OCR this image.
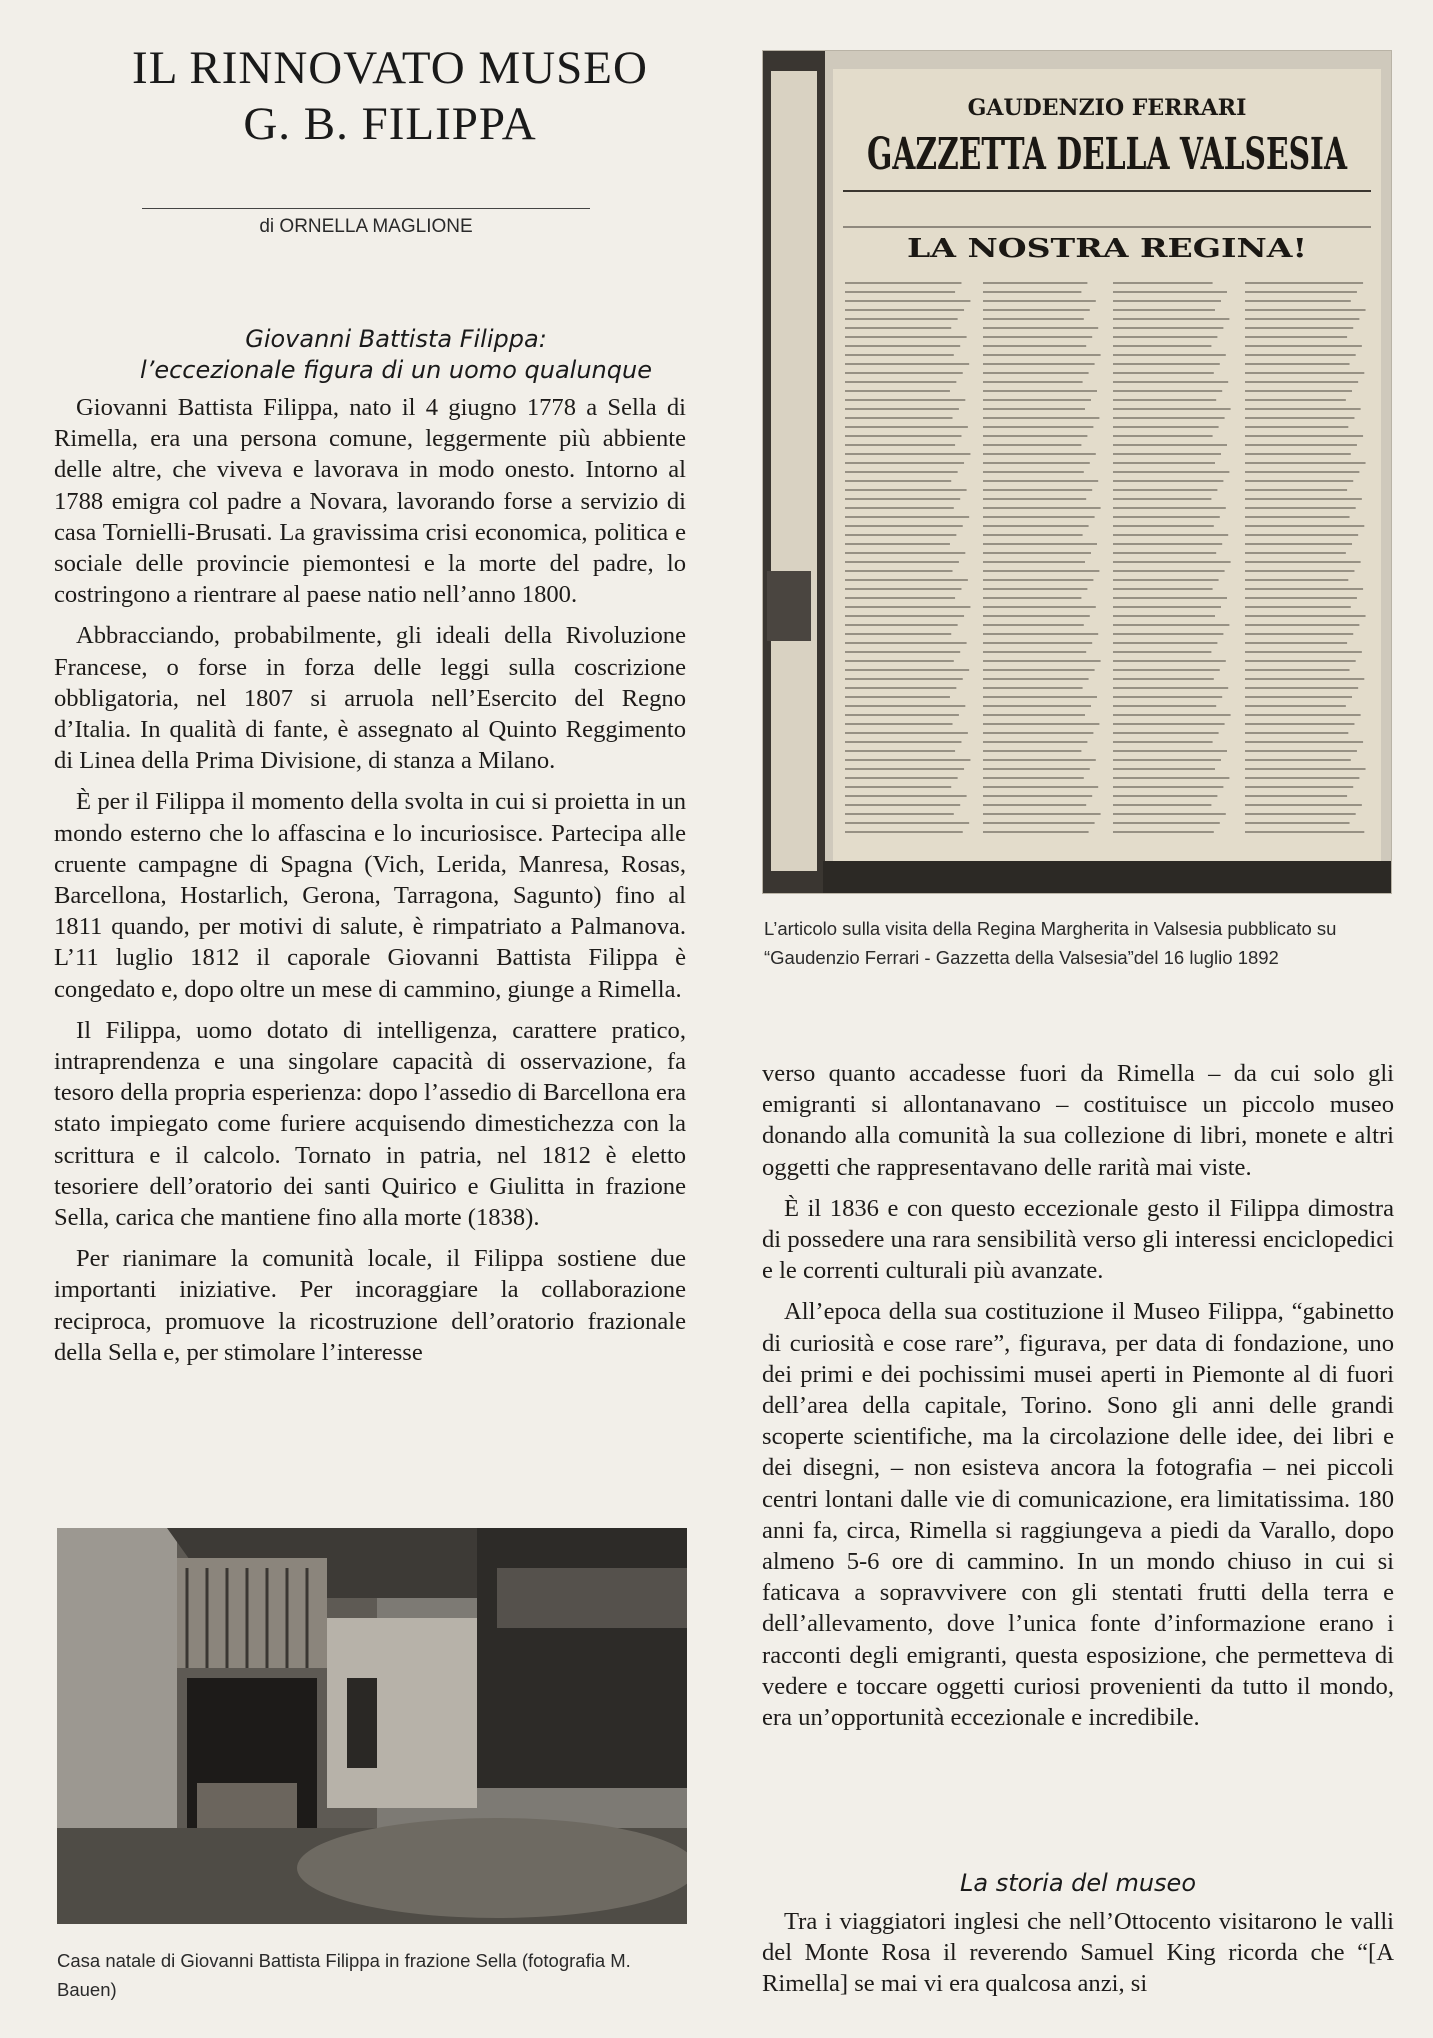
IL RINNOVATO MUSEO
G. B. FILIPPA
di ORNELLA MAGLIONE
Giovanni Battista Filippa:
l’eccezionale figura di un uomo qualunque

Giovanni Battista Filippa, nato il 4 giugno 1778 a Sella di Rimella, era una persona comune, leggermente più abbiente delle altre, che viveva e lavorava in modo onesto. Intorno al 1788 emigra col padre a Novara, lavorando forse a servizio di casa Tornielli-Brusati. La gravissima crisi economica, politica e sociale delle provincie piemontesi e la morte del padre, lo costringono a rientrare al paese natio nell’anno 1800.

Abbracciando, probabilmente, gli ideali della Rivoluzione Francese, o forse in forza delle leggi sulla coscrizione obbligatoria, nel 1807 si arruola nell’Esercito del Regno d’Italia. In qualità di fante, è assegnato al Quinto Reggimento di Linea della Prima Divisione, di stanza a Milano.

È per il Filippa il momento della svolta in cui si proietta in un mondo esterno che lo affascina e lo incuriosisce. Partecipa alle cruente campagne di Spagna (Vich, Lerida, Manresa, Rosas, Barcellona, Hostarlich, Gerona, Tarragona, Sagunto) fino al 1811 quando, per motivi di salute, è rimpatriato a Palmanova. L’11 luglio 1812 il caporale Giovanni Battista Filippa è congedato e, dopo oltre un mese di cammino, giunge a Rimella.

Il Filippa, uomo dotato di intelligenza, carattere pratico, intraprendenza e una singolare capacità di osservazione, fa tesoro della propria esperienza: dopo l’assedio di Barcellona era stato impiegato come furiere acquisendo dimestichezza con la scrittura e il calcolo. Tornato in patria, nel 1812 è eletto tesoriere dell’oratorio dei santi Quirico e Giulitta in frazione Sella, carica che mantiene fino alla morte (1838).

Per rianimare la comunità locale, il Filippa sostiene due importanti iniziative. Per incoraggiare la collaborazione reciproca, promuove la ricostruzione dell’oratorio frazionale della Sella e, per stimolare l’interesse

GAUDENZIO FERRARI
GAZZETTA DELLA VALSESIA
LA NOSTRA REGINA!
L’articolo sulla visita della Regina Margherita in Valsesia pubblicato su “Gaudenzio Ferrari - Gazzetta della Valsesia”del 16 luglio 1892

verso quanto accadesse fuori da Rimella – da cui solo gli emigranti si allontanavano – costituisce un piccolo museo donando alla comunità la sua collezione di libri, monete e altri oggetti che rappresentavano delle rarità mai viste.

È il 1836 e con questo eccezionale gesto il Filippa dimostra di possedere una rara sensibilità verso gli interessi enciclopedici e le correnti culturali più avanzate.

All’epoca della sua costituzione il Museo Filippa, “gabinetto di curiosità e cose rare”, figurava, per data di fondazione, uno dei primi e dei pochissimi musei aperti in Piemonte al di fuori dell’area della capitale, Torino. Sono gli anni delle grandi scoperte scientifiche, ma la circolazione delle idee, dei libri e dei disegni, – non esisteva ancora la fotografia – nei piccoli centri lontani dalle vie di comunicazione, era limitatissima. 180 anni fa, circa, Rimella si raggiungeva a piedi da Varallo, dopo almeno 5-6 ore di cammino. In un mondo chiuso in cui si faticava a sopravvivere con gli stentati frutti della terra e dell’allevamento, dove l’unica fonte d’informazione erano i racconti degli emigranti, questa esposizione, che permetteva di vedere e toccare oggetti curiosi provenienti da tutto il mondo, era un’opportunità eccezionale e incredibile.

La storia del museo

Tra i viaggiatori inglesi che nell’Ottocento visitarono le valli del Monte Rosa il reverendo Samuel King ricorda che “[A Rimella] se mai vi era qualcosa anzi, si

Casa natale di Giovanni Battista Filippa in frazione Sella (fotografia M. Bauen)
